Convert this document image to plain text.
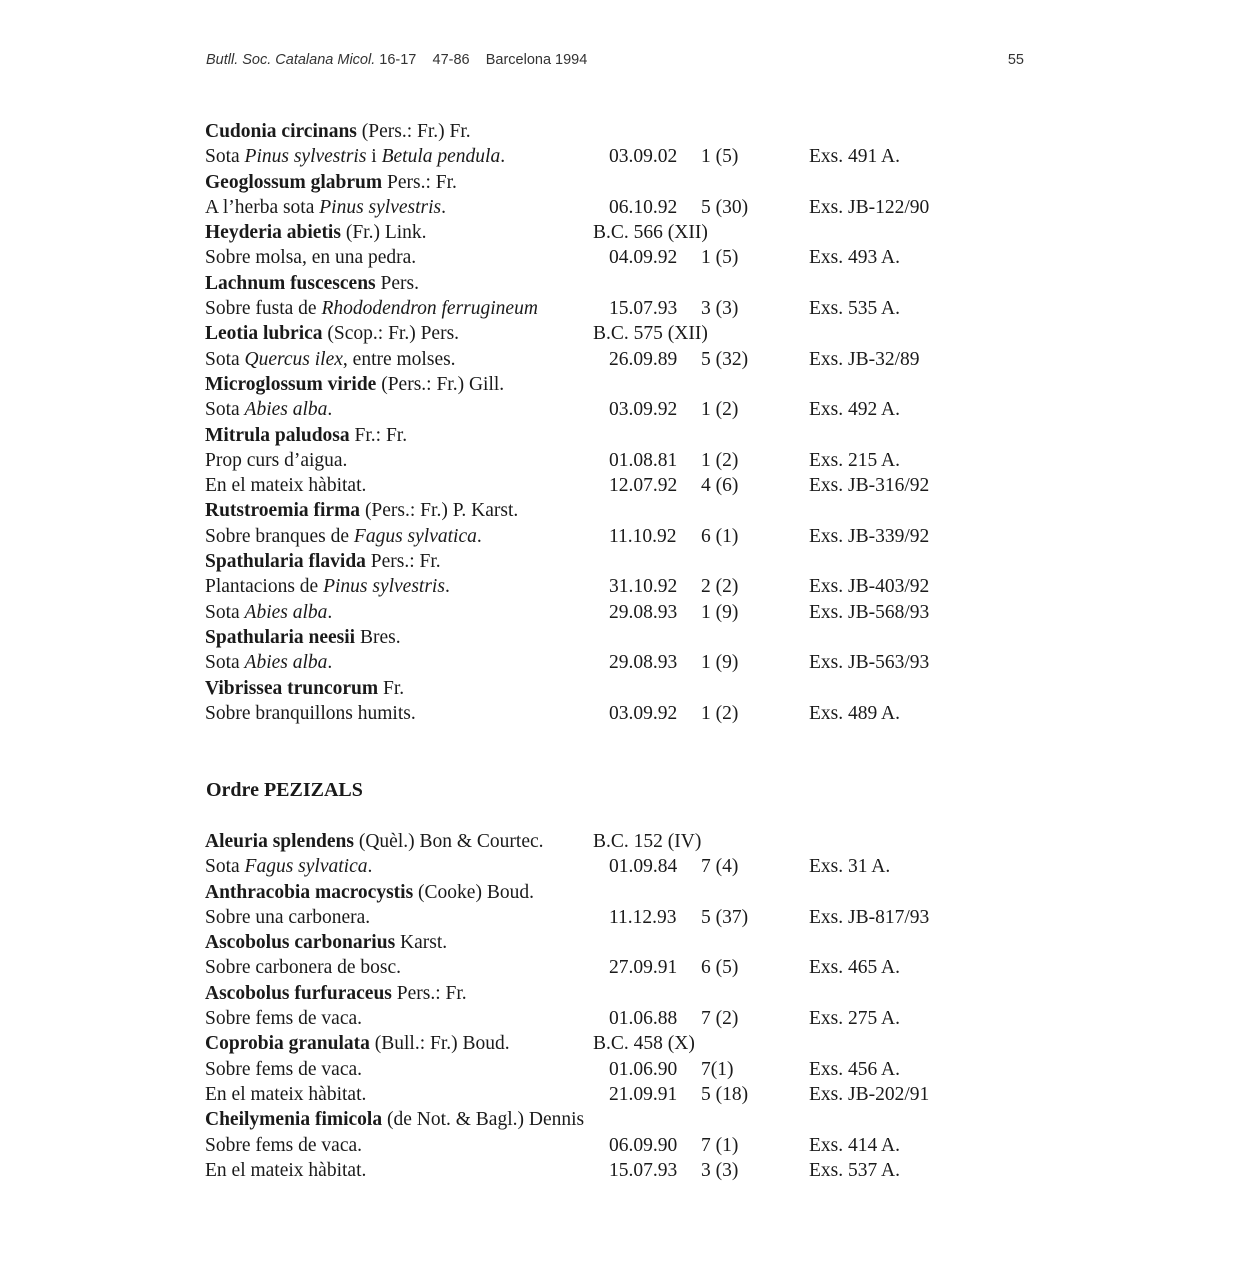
Butll. Soc. Catalana Micol. 16-17 47-86 Barcelona 1994	55
Cudonia circinans (Pers.: Fr.) Fr.
Sota Pinus sylvestris i Betula pendula.	03.09.02 1 (5)	Exs. 491 A.
Geoglossum glabrum Pers.: Fr.
A l’herba sota Pinus sylvestris.	06.10.92 5 (30)	Exs. JB-122/90
Heyderia abietis (Fr.) Link.	B.C. 566 (XII)
Sobre molsa, en una pedra.	04.09.92 1 (5)	Exs. 493 A.
Lachnum fuscescens Pers.
Sobre fusta de Rhododendron ferrugineum	15.07.93 3 (3)	Exs. 535 A.
Leotia lubrica (Scop.: Fr.) Pers.	B.C. 575 (XII)
Sota Quercus ilex, entre molses.	26.09.89 5 (32)	Exs. JB-32/89
Microglossum viride (Pers.: Fr.) Gill.
Sota Abies alba.	03.09.92 1 (2)	Exs. 492 A.
Mitrula paludosa Fr.: Fr.
Prop curs d’aigua.	01.08.81 1 (2)	Exs. 215 A.
En el mateix hàbitat.	12.07.92 4 (6)	Exs. JB-316/92
Rutstroemia firma (Pers.: Fr.) P. Karst.
Sobre branques de Fagus sylvatica.	11.10.92 6 (1)	Exs. JB-339/92
Spathularia flavida Pers.: Fr.
Plantacions de Pinus sylvestris.	31.10.92 2 (2)	Exs. JB-403/92
Sota Abies alba.	29.08.93 1 (9)	Exs. JB-568/93
Spathularia neesii Bres.
Sota Abies alba.	29.08.93 1 (9)	Exs. JB-563/93
Vibrissea truncorum Fr.
Sobre branquillons humits.	03.09.92 1 (2)	Exs. 489 A.
Ordre PEZIZALS
Aleuria splendens (Quèl.) Bon & Courtec.	B.C. 152 (IV)
Sota Fagus sylvatica.	01.09.84 7 (4)	Exs. 31 A.
Anthracobia macrocystis (Cooke) Boud.
Sobre una carbonera.	11.12.93 5 (37)	Exs. JB-817/93
Ascobolus carbonarius Karst.
Sobre carbonera de bosc.	27.09.91 6 (5)	Exs. 465 A.
Ascobolus furfuraceus Pers.: Fr.
Sobre fems de vaca.	01.06.88 7 (2)	Exs. 275 A.
Coprobia granulata (Bull.: Fr.) Boud.	B.C. 458 (X)
Sobre fems de vaca.	01.06.90 7(1)	Exs. 456 A.
En el mateix hàbitat.	21.09.91 5 (18)	Exs. JB-202/91
Cheilymenia fimicola (de Not. & Bagl.) Dennis
Sobre fems de vaca.	06.09.90 7 (1)	Exs. 414 A.
En el mateix hàbitat.	15.07.93 3 (3)	Exs. 537 A.
